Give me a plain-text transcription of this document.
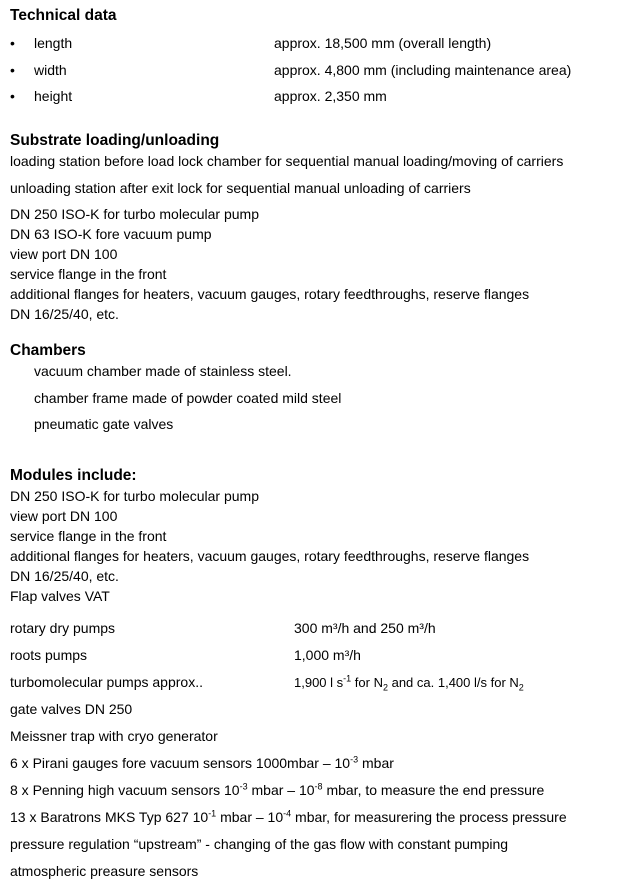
Technical data
• length	approx. 18,500 mm (overall length)
• width	approx. 4,800 mm (including maintenance area)
• height	approx. 2,350 mm
Substrate loading/unloading
loading station before load lock chamber for sequential manual loading/moving of carriers
unloading station after exit lock for sequential manual unloading of carriers
DN 250 ISO-K for turbo molecular pump
DN 63 ISO-K fore vacuum pump
view port DN 100
service flange in the front
additional flanges for heaters, vacuum gauges, rotary feedthroughs, reserve flanges
DN 16/25/40, etc.
Chambers
vacuum chamber made of stainless steel.
chamber frame made of powder coated mild steel
pneumatic gate valves
Modules include:
DN 250 ISO-K for turbo molecular pump
view port DN 100
service flange in the front
additional flanges for heaters, vacuum gauges, rotary feedthroughs, reserve flanges
DN 16/25/40, etc.
Flap valves VAT
rotary dry pumps	300 m³/h and 250 m³/h
roots pumps	1,000 m³/h
turbomolecular pumps approx..	1,900 l $s^{-1}$ for $N_2$ and ca. 1,400 l/s for $N_2$
gate valves DN 250
Meissner trap with cryo generator
6 x Pirani gauges fore vacuum sensors 1000mbar – $10^{-3}$ mbar
8 x Penning high vacuum sensors $10^{-3}$ mbar – $10^{-8}$ mbar, to measure the end pressure
13 x Baratrons MKS Typ 627 $10^{-1}$ mbar – $10^{-4}$ mbar, for measurering the process pressure
pressure regulation “upstream” - changing of the gas flow with constant pumping
atmospheric preasure sensors
